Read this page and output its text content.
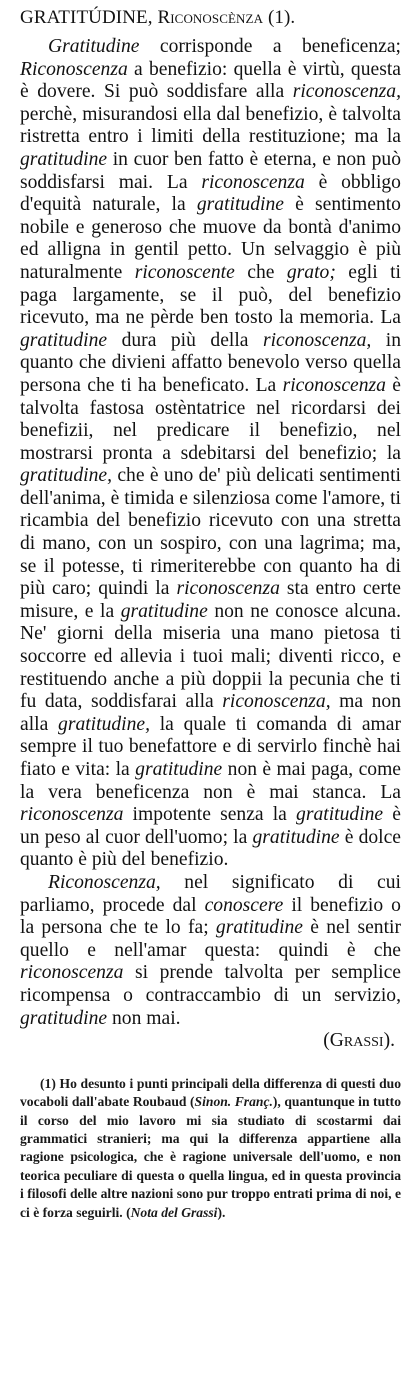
GRATITÚDINE, Riconoscènza (1).

Gratitudine corrisponde a beneficenza; Riconoscenza a benefizio: quella è virtù, questa è dovere. Si può soddisfare alla riconoscenza, perchè, misurandosi ella dal benefizio, è talvolta ristretta entro i limiti della restituzione; ma la gratitudine in cuor ben fatto è eterna, e non può soddisfarsi mai. La riconoscenza è obbligo d'equità naturale, la gratitudine è sentimento nobile e generoso che muove da bontà d'animo ed alligna in gentil petto. Un selvaggio è più naturalmente riconoscente che grato; egli ti paga largamente, se il può, del benefizio ricevuto, ma ne pèrde ben tosto la memoria. La gratitudine dura più della riconoscenza, in quanto che divieni affatto benevolo verso quella persona che ti ha beneficato. La riconoscenza è talvolta fastosa ostèntatrice nel ricordarsi dei benefizii, nel predicare il benefizio, nel mostrarsi pronta a sdebitarsi del benefizio; la gratitudine, che è uno de' più delicati sentimenti dell'anima, è timida e silenziosa come l'amore, ti ricambia del benefizio ricevuto con una stretta di mano, con un sospiro, con una lagrima; ma, se il potesse, ti rimeriterebbe con quanto ha di più caro; quindi la riconoscenza sta entro certe misure, e la gratitudine non ne conosce alcuna. Ne' giorni della miseria una mano pietosa ti soccorre ed allevia i tuoi mali; diventi ricco, e restituendo anche a più doppii la pecunia che ti fu data, soddisfarai alla riconoscenza, ma non alla gratitudine, la quale ti comanda di amar sempre il tuo benefattore e di servirlo finchè hai fiato e vita: la gratitudine non è mai paga, come la vera beneficenza non è mai stanca. La riconoscenza impotente senza la gratitudine è un peso al cuor dell'uomo; la gratitudine è dolce quanto è più del benefizio.

Riconoscenza, nel significato di cui parliamo, procede dal conoscere il benefizio o la persona che te lo fa; gratitudine è nel sentir quello e nell'amar questa: quindi è che riconoscenza si prende talvolta per semplice ricompensa o contraccambio di un servizio, gratitudine non mai.

(Grassi).

(1) Ho desunto i punti principali della differenza di questi duo vocaboli dall'abate Roubaud (Sinon. Franç.), quantunque in tutto il corso del mio lavoro mi sia studiato di scostarmi dai grammatici stranieri; ma qui la differenza appartiene alla ragione psicologica, che è ragione universale dell'uomo, e non teorica peculiare di questa o quella lingua, ed in questa provincia i filosofi delle altre nazioni sono pur troppo entrati prima di noi, e ci è forza seguirli. (Nota del Grassi).
